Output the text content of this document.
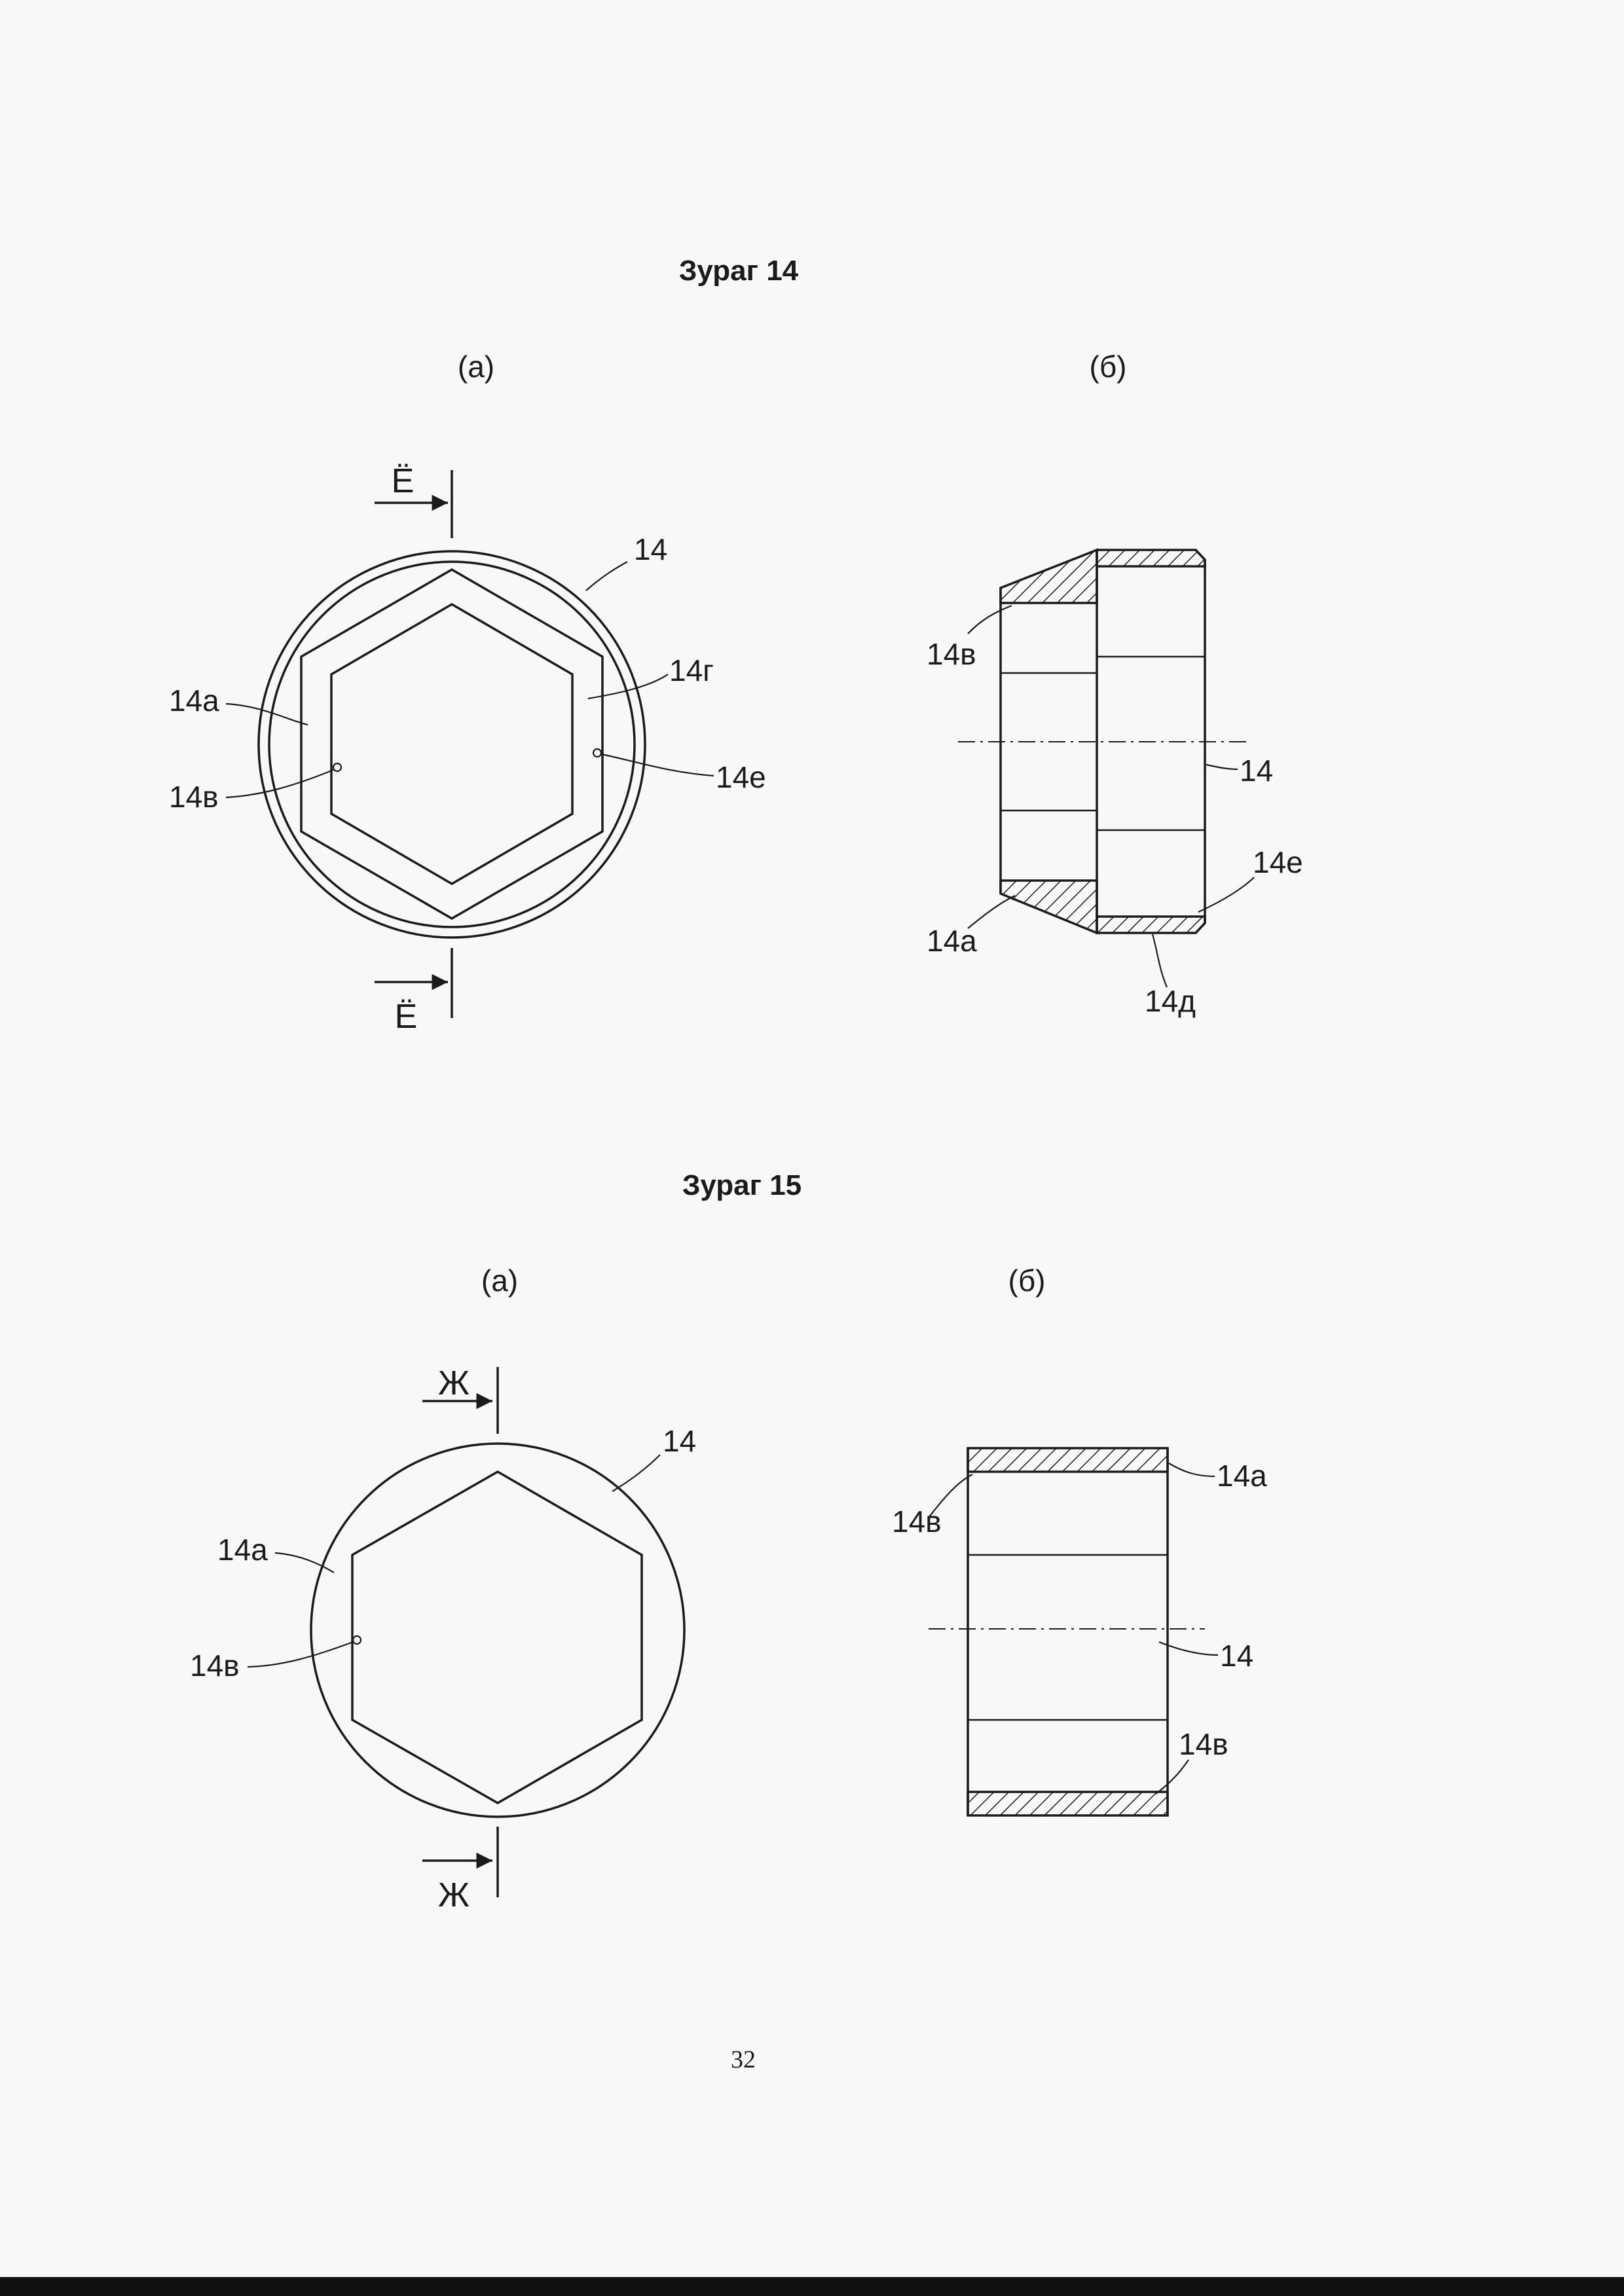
Зураг 14
(а)	(б)
Ё
Ё
14
14г
14а
14е
14в
14в
14
14е
14а
14д
Зураг 15
(а)	(б)
Ж
Ж
14
14а
14в
14а
14в
14
14в
32
